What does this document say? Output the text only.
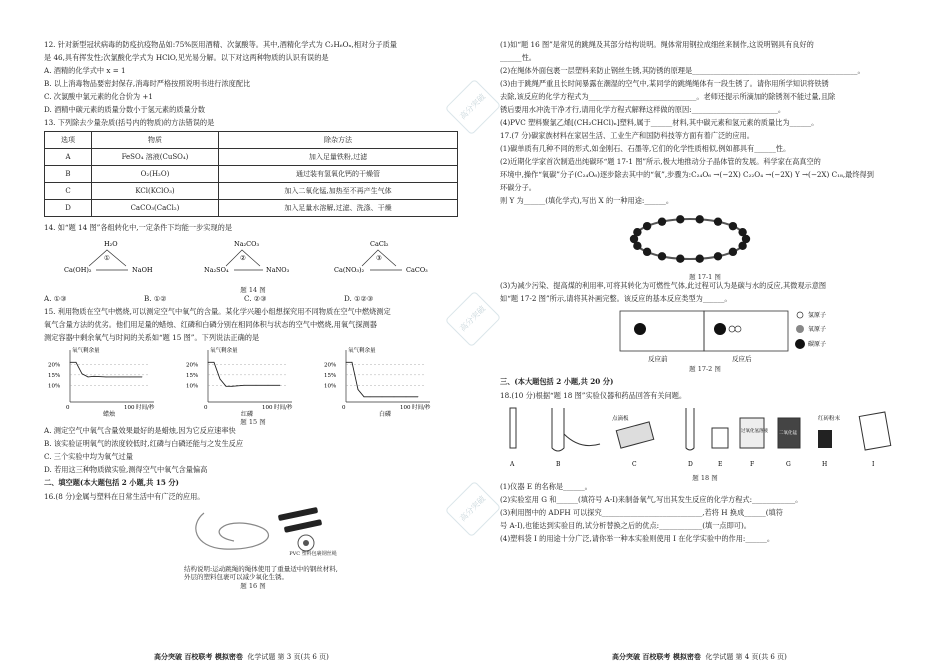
12. 针对新型冠状病毒的防疫抗疫物品如:75%医用酒精、次氯酸等。其中,酒精化学式为 C₂H₆Oₓ,相对分子质量
是 46,具有挥发性;次氯酸化学式为 HClO,见光易分解。以下对这两种物质的认识有误的是
A. 酒精的化学式中 x = 1
B. 以上消毒物品要密封保存,消毒时严格按照说明书进行浓度配比
C. 次氯酸中氯元素的化合价为 +1
D. 酒精中碳元素的质量分数小于氢元素的质量分数
13. 下列除去少量杂质(括号内的物质)的方法错误的是
选项	物质	除杂方法
A	FeSO₄ 溶液(CuSO₄)	加入足量铁粉,过滤
B	O₂(H₂O)	通过装有氢氧化钙的干燥管
C	KCl(KClO₃)	加入二氧化锰,加热至不再产生气体
D	CaCO₃(CaCl₂)	加入足量水溶解,过滤、洗涤、干燥
14. 如“题 14 图”各组转化中,一定条件下均能一步实现的是
H₂O
①
Ca(OH)₂	NaOH
Na₂CO₃
②
Na₂SO₄	NaNO₃
CaCl₂
③
Ca(NO₃)₂	CaCO₃
题 14 图
A. ①③	B. ①②	C. ②③	D. ①②③
15. 利用物质在空气中燃烧,可以测定空气中氧气的含量。某化学兴趣小组想探究用不同物质在空气中燃烧测定
氧气含量方法的优劣。他们用足量的蜡烛、红磷和白磷分别在相同体积与状态的空气中燃烧,用氧气探测器
测定容器中剩余氧气与时间的关系如“题 15 图”。下列说法正确的是
氧气剩余量
20%
15%
10%
0	100 时间/秒
蜡烛
氧气剩余量
20%
15%
10%
0	100 时间/秒
红磷
氧气剩余量
20%
15%
10%
0	100 时间/秒
白磷
题 15 图
A. 测定空气中氧气含量效果最好的是蜡烛,因为它反应速率快
B. 该实验证明氧气的浓度较低时,红磷与白磷还能与之发生反应
C. 三个实验中均为氧气过量
D. 若用这三种物质做实验,测得空气中氧气含量偏高
二、填空题(本大题包括 2 小题,共 15 分)
16.(8 分)金属与塑料在日常生活中有广泛的应用。
PVC 塑料包裹钢丝绳
结构说明:运动跳绳的绳体使用了重量适中的钢丝材料,
外层的塑料包裹可以减少氧化生锈。
题 16 图
(1)如“题 16 图”是常见的跳绳及其部分结构说明。绳体常用钢拉成细丝来制作,这说明钢具有良好的
______性。
(2)在绳体外面包裹一层塑料来防止钢丝生锈,其防锈的原理是______________________________________________。
(3)由于跳绳严重且长时间暴露在潮湿的空气中,某同学的跳绳绳体有一段生锈了。请你用所学知识将铁锈
去除,该反应的化学方程式为______________________________。老师还提示所滴加的除锈剂不能过量,且除
锈后要用水冲洗干净才行,请用化学方程式解释这样做的原因:________________________。
(4)PVC 塑料聚氯乙烯[(CH₂CHCl)ₙ]塑料,属于______材料,其中碳元素和氢元素的质量比为______。
17.(7 分)碳家族材料在家居生活、工业生产和国防科技等方面有着广泛的应用。
(1)碳单质有几种不同的形式,如金刚石、石墨等,它们的化学性质相似,例如都具有______性。
(2)近期化学家首次制造出纯碳环“题 17-1 图”所示,极大地推动分子晶体管的发展。科学家在高真空的
环境中,操作“氧碳”分子(C₂₄O₆)逐步除去其中的“氧”,步骤为:C₂₄O₆ →(−2X) C₂₂O₄ →(−2X) Y →(−2X) C₁₈,最终得到
环碳分子。
则 Y 为______(填化学式),写出 X 的一种用途:______。
题 17-1 图
(3)为减少污染、提高煤的利用率,可将其转化为可燃性气体,此过程可认为是碳与水的反应,其微观示意图
如“题 17-2 图”所示,请将其补画完整。该反应的基本反应类型为______。
反应前	反应后
氢原子
氧原子
碳原子
题 17-2 图
三、(本大题包括 2 小题,共 20 分)
18.(10 分)根据“题 18 图”实验仪器和药品回答有关问题。
点滴板
过氧化氢溶液 二氧化锰
红砖粉末
A	B	C	D	E	F	G	H	I
题 18 图
(1)仪器 E 的名称是______。
(2)实验室用 G 和______(填符号 A-I)来制备氧气,写出其发生反应的化学方程式:____________。
(3)利用图中的 ADFH 可以探究____________________________,若将 H 换成______(填符
号 A-I),也能达到实验目的,试分析替换之后的优点:____________(填一点即可)。
(4)塑料袋 I 的用途十分广泛,请你举一种本实验则使用 I 在化学实验中的作用:______。
高分突破
高分突破
高分突破
高分突破 百校联考 模拟密卷 化学试题 第 3 页(共 6 页)	高分突破 百校联考 模拟密卷 化学试题 第 4 页(共 6 页)
